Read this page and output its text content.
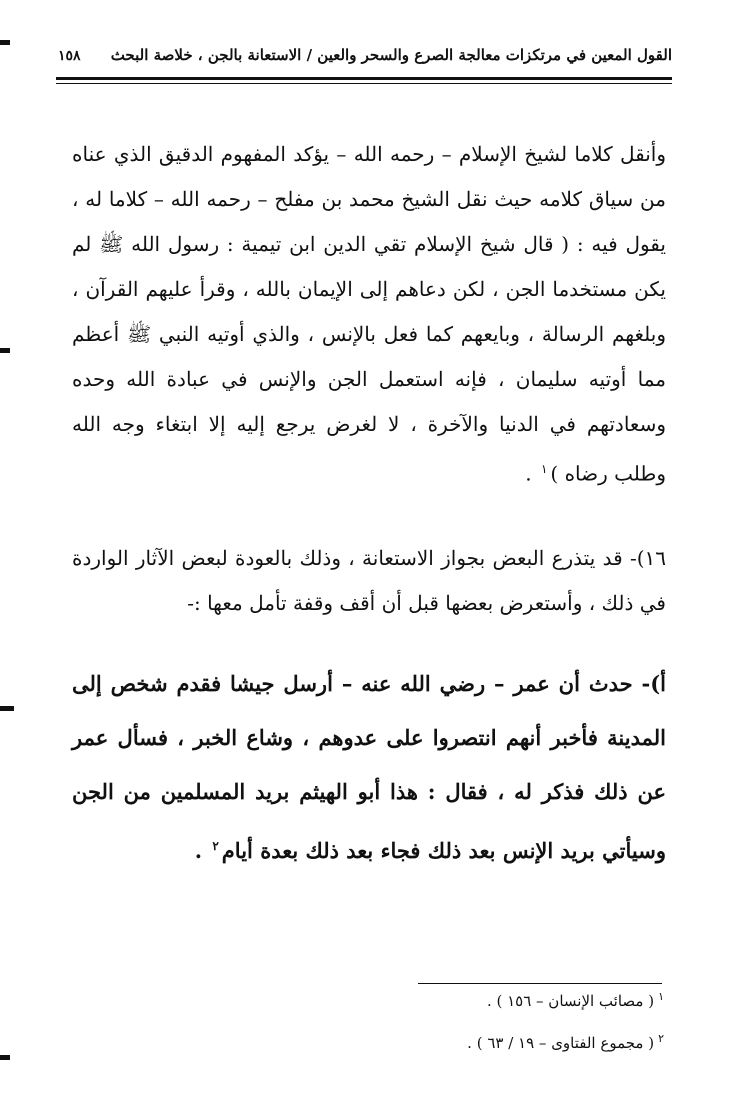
القول المعين في مرتكزات معالجة الصرع والسحر والعين / الاستعانة بالجن ، خلاصة البحث
١٥٨

وأنقل كلاما لشيخ الإسلام – رحمه الله – يؤكد المفهوم الدقيق الذي عناه من سياق كلامه حيث نقل الشيخ محمد بن مفلح – رحمه الله – كلاما له ، يقول فيه : ( قال شيخ الإسلام تقي الدين ابن تيمية : رسول الله ﷺ لم يكن مستخدما الجن ، لكن دعاهم إلى الإيمان بالله ، وقرأ عليهم القرآن ، وبلغهم الرسالة ، وبايعهم كما فعل بالإنس ، والذي أوتيه النبي ﷺ أعظم مما أوتيه سليمان ، فإنه استعمل الجن والإنس في عبادة الله وحده وسعادتهم في الدنيا والآخرة ، لا لغرض يرجع إليه إلا ابتغاء وجه الله وطلب رضاه )$^١$ .

١٦)- قد يتذرع البعض بجواز الاستعانة ، وذلك بالعودة لبعض الآثار الواردة في ذلك ، وأستعرض بعضها قبل أن أقف وقفة تأمل معها :-

أ)- حدث أن عمر – رضي الله عنه – أرسل جيشا فقدم شخص إلى المدينة فأخبر أنهم انتصروا على عدوهم ، وشاع الخبر ، فسأل عمر عن ذلك فذكر له ، فقال : هذا أبو الهيثم بريد المسلمين من الجن وسيأتي بريد الإنس بعد ذلك فجاء بعد ذلك بعدة أيام$^٢$ .

$^١$( مصائب الإنسان – ١٥٦ ) .
$^٢$( مجموع الفتاوى – ١٩ / ٦٣ ) .
